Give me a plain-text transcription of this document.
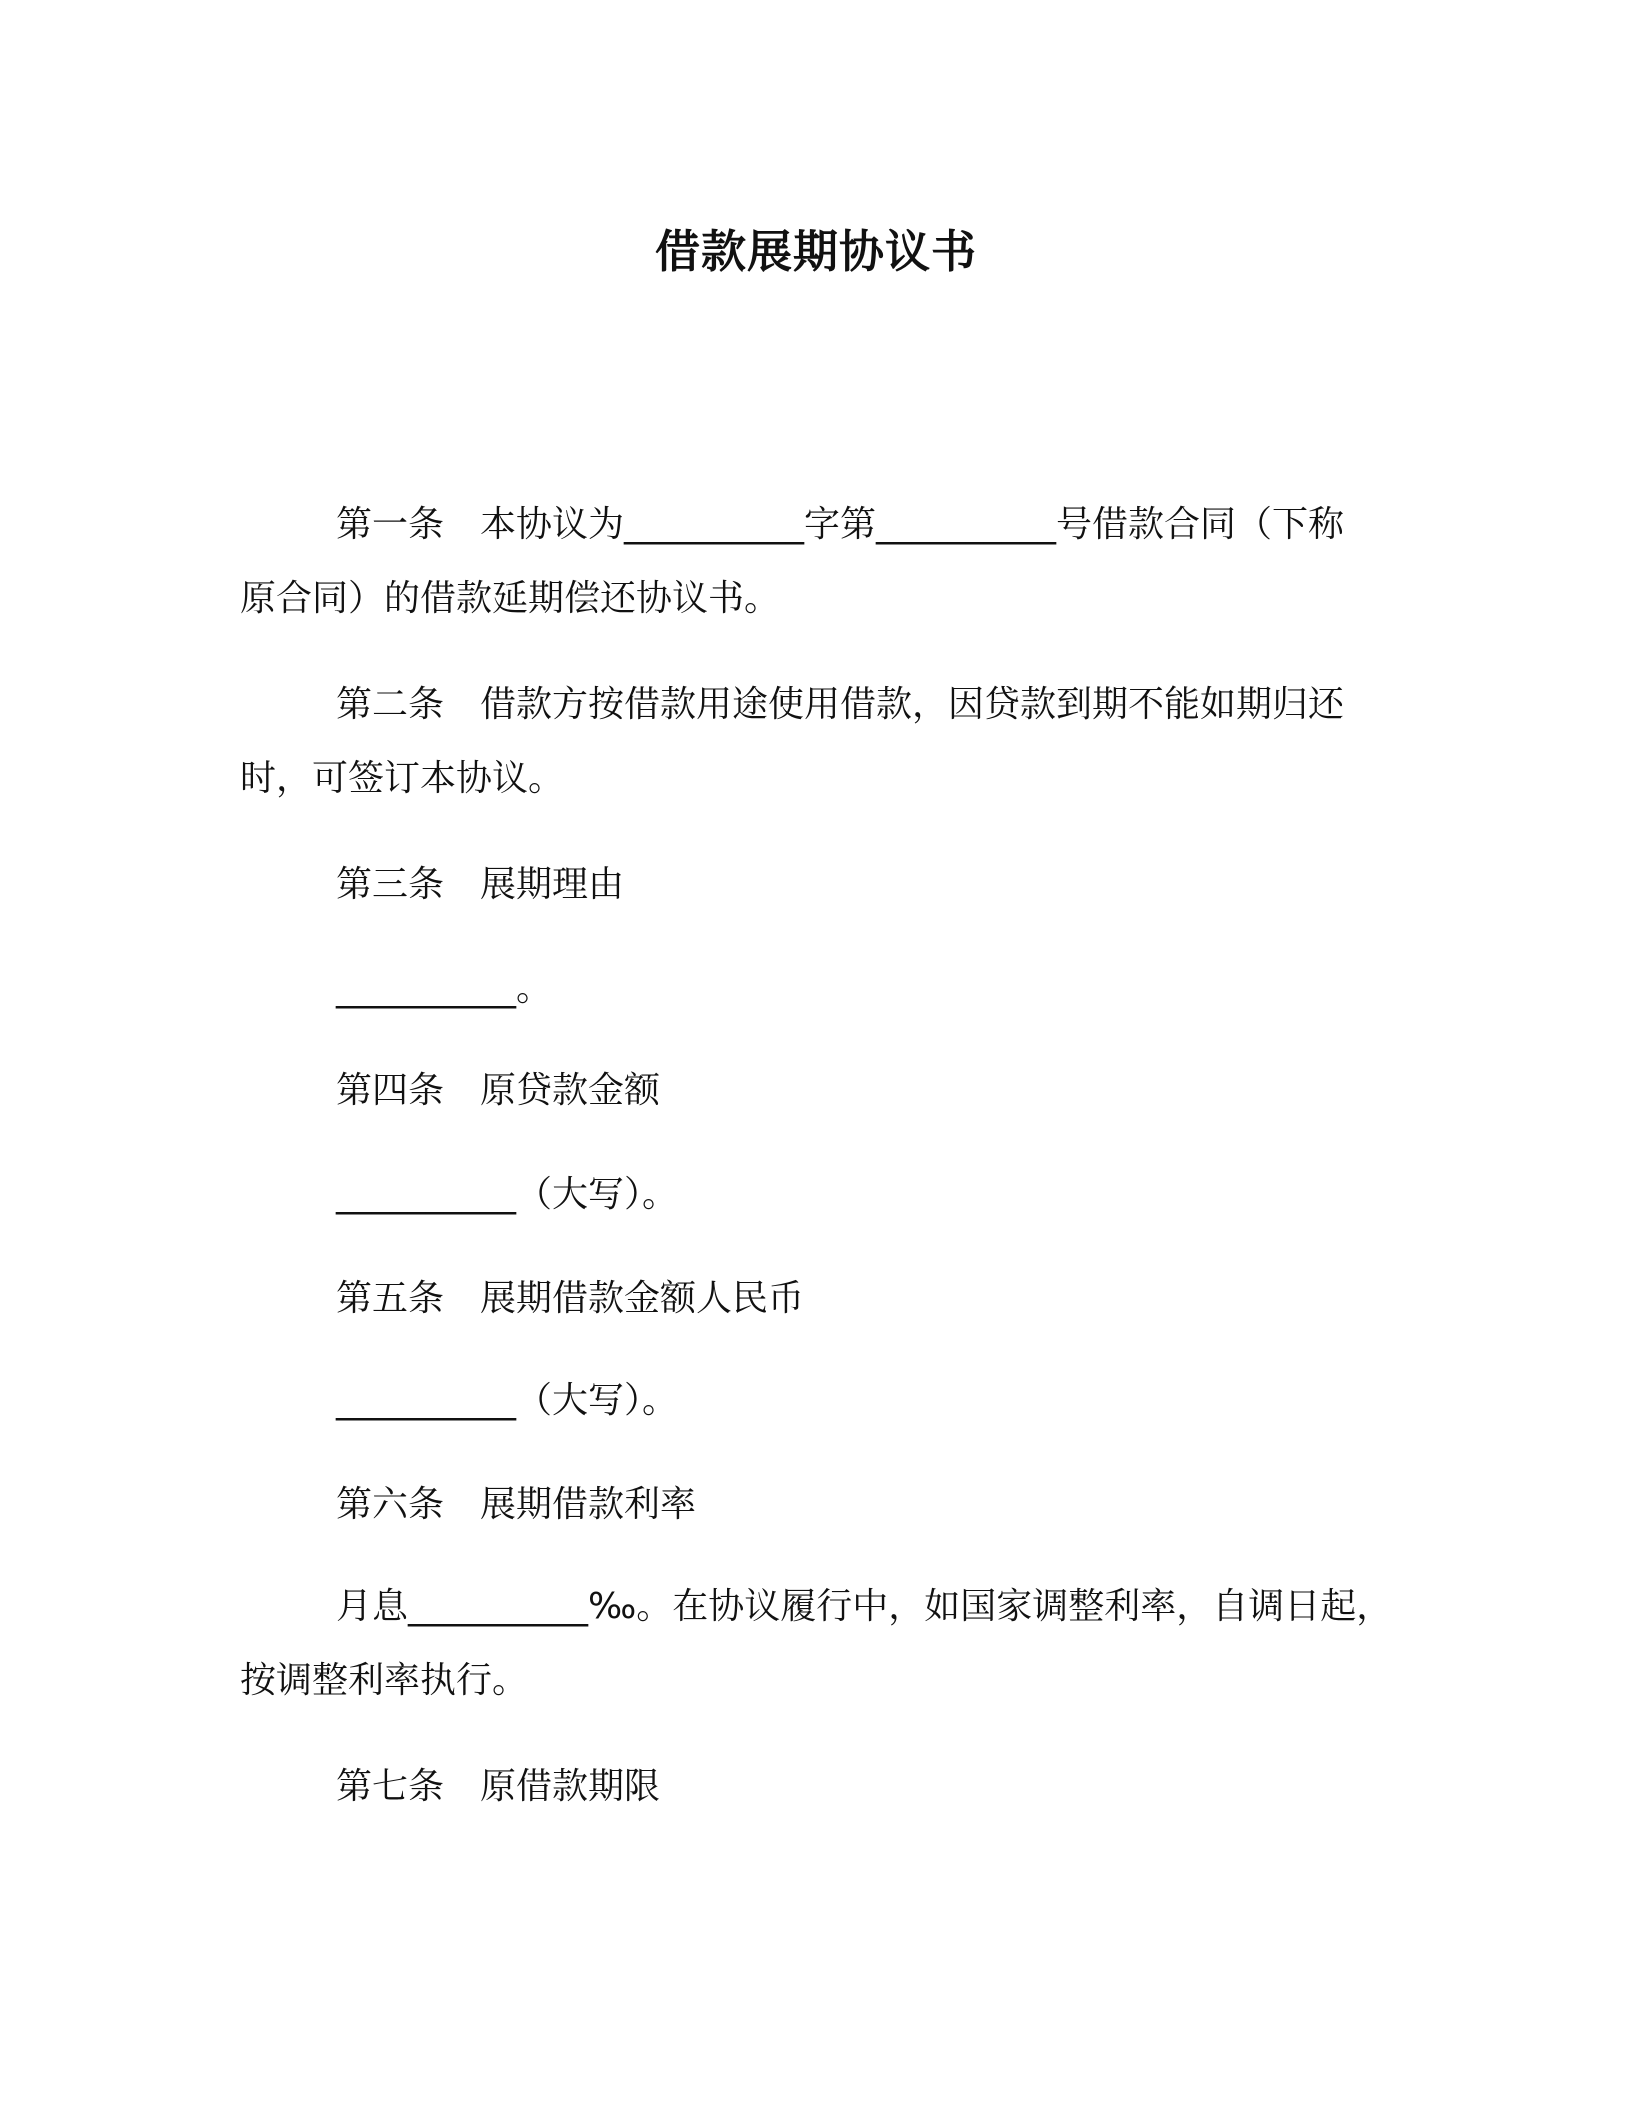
借款展期协议书
第一条　本协议为__________字第__________号借款合同（下称
原合同）的借款延期偿还协议书。
第二条　借款方按借款用途使用借款，因贷款到期不能如期归还
时，可签订本协议。
第三条　展期理由
__________。
第四条　原贷款金额
__________（大写）。
第五条　展期借款金额人民币
__________（大写）。
第六条　展期借款利率
月息__________‰。在协议履行中，如国家调整利率，自调日起，
按调整利率执行。
第七条　原借款期限
